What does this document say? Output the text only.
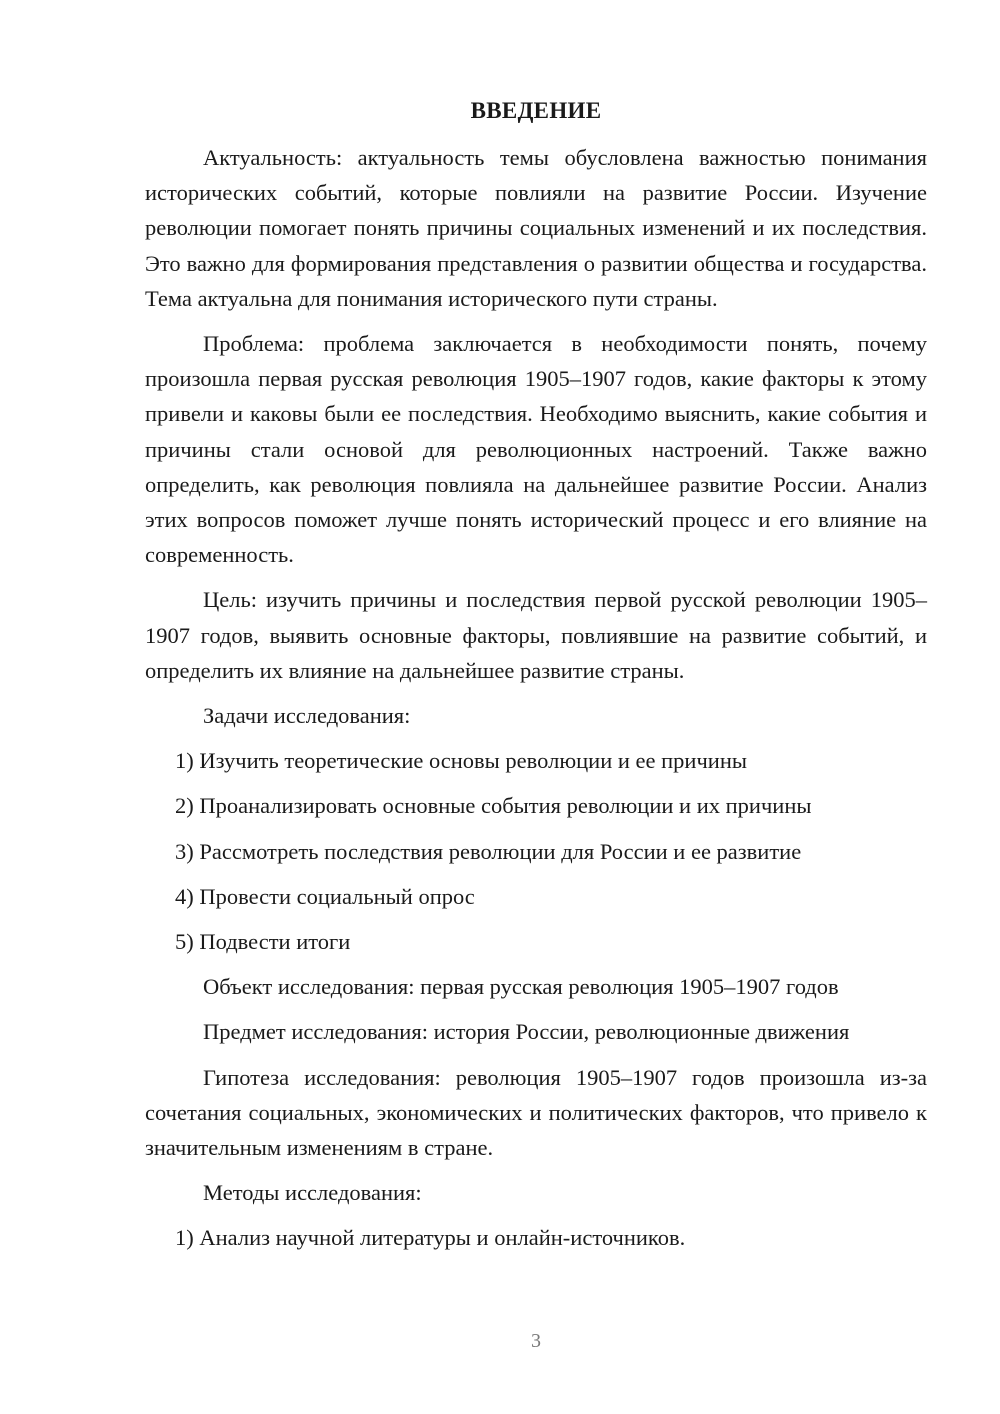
ВВЕДЕНИЕ

Актуальность: актуальность темы обусловлена важностью понимания исторических событий, которые повлияли на развитие России. Изучение революции помогает понять причины социальных изменений и их последствия. Это важно для формирования представления о развитии общества и государства. Тема актуальна для понимания исторического пути страны.

Проблема: проблема заключается в необходимости понять, почему произошла первая русская революция 1905–1907 годов, какие факторы к этому привели и каковы были ее последствия. Необходимо выяснить, какие события и причины стали основой для революционных настроений. Также важно определить, как революция повлияла на дальнейшее развитие России. Анализ этих вопросов поможет лучше понять исторический процесс и его влияние на современность.

Цель: изучить причины и последствия первой русской революции 1905–1907 годов, выявить основные факторы, повлиявшие на развитие событий, и определить их влияние на дальнейшее развитие страны.

Задачи исследования:

1) Изучить теоретические основы революции и ее причины

2) Проанализировать основные события революции и их причины

3) Рассмотреть последствия революции для России и ее развитие

4) Провести социальный опрос

5) Подвести итоги

Объект исследования: первая русская революция 1905–1907 годов

Предмет исследования: история России, революционные движения

Гипотеза исследования: революция 1905–1907 годов произошла из-за сочетания социальных, экономических и политических факторов, что привело к значительным изменениям в стране.

Методы исследования:

1) Анализ научной литературы и онлайн-источников.

3
